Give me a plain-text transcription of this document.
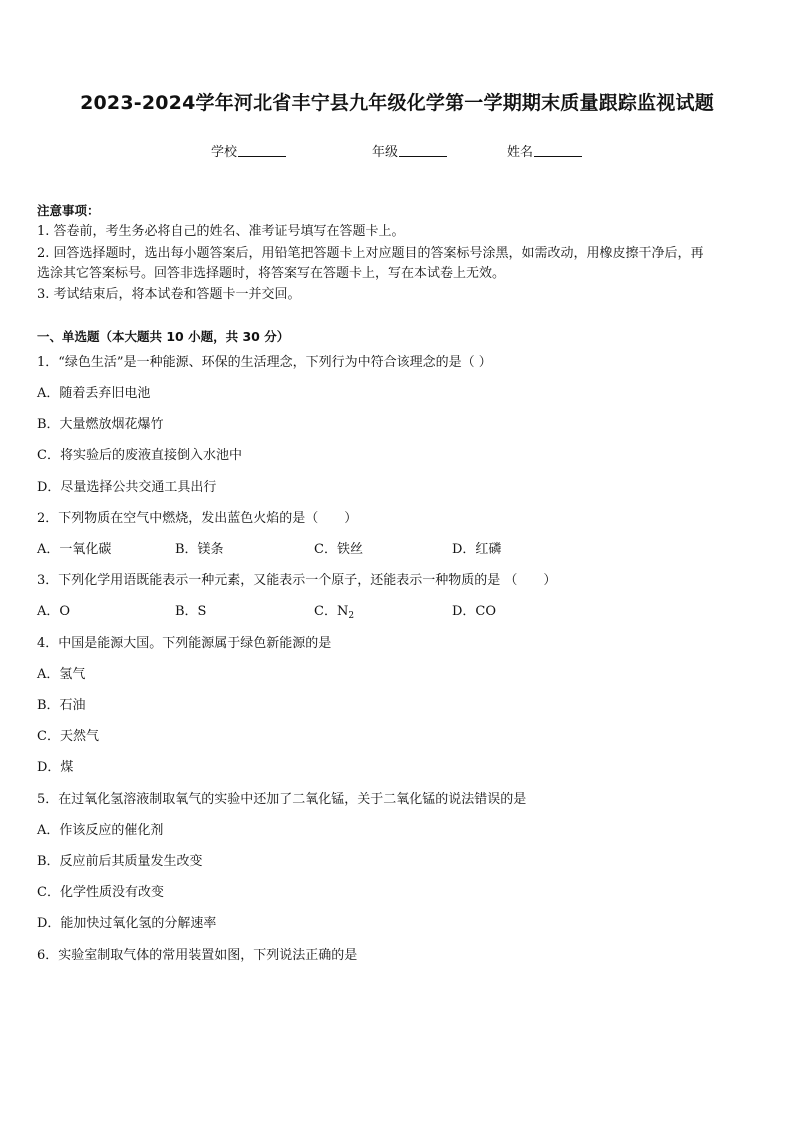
2023-2024学年河北省丰宁县九年级化学第一学期期末质量跟踪监视试题
学校	年级	姓名
注意事项：
1. 答卷前，考生务必将自己的姓名、准考证号填写在答题卡上。
2. 回答选择题时，选出每小题答案后，用铅笔把答题卡上对应题目的答案标号涂黑，如需改动，用橡皮擦干净后，再
选涂其它答案标号。回答非选择题时，将答案写在答题卡上，写在本试卷上无效。
3. 考试结束后，将本试卷和答题卡一并交回。
一、单选题（本大题共 10 小题，共 30 分）
1．“绿色生活”是一种能源、环保的生活理念，下列行为中符合该理念的是（ ）
A．随着丢弃旧电池
B．大量燃放烟花爆竹
C．将实验后的废液直接倒入水池中
D．尽量选择公共交通工具出行
2．下列物质在空气中燃烧，发出蓝色火焰的是（　　）
A．一氧化碳	B．镁条	C．铁丝	D．红磷
3．下列化学用语既能表示一种元素，又能表示一个原子，还能表示一种物质的是 （　　）
A．O	B．S	C．$N_2$	D．CO
4．中国是能源大国。下列能源属于绿色新能源的是
A．氢气
B．石油
C．天然气
D．煤
5．在过氧化氢溶液制取氧气的实验中还加了二氧化锰，关于二氧化锰的说法错误的是
A．作该反应的催化剂
B．反应前后其质量发生改变
C．化学性质没有改变
D．能加快过氧化氢的分解速率
6．实验室制取气体的常用装置如图，下列说法正确的是
